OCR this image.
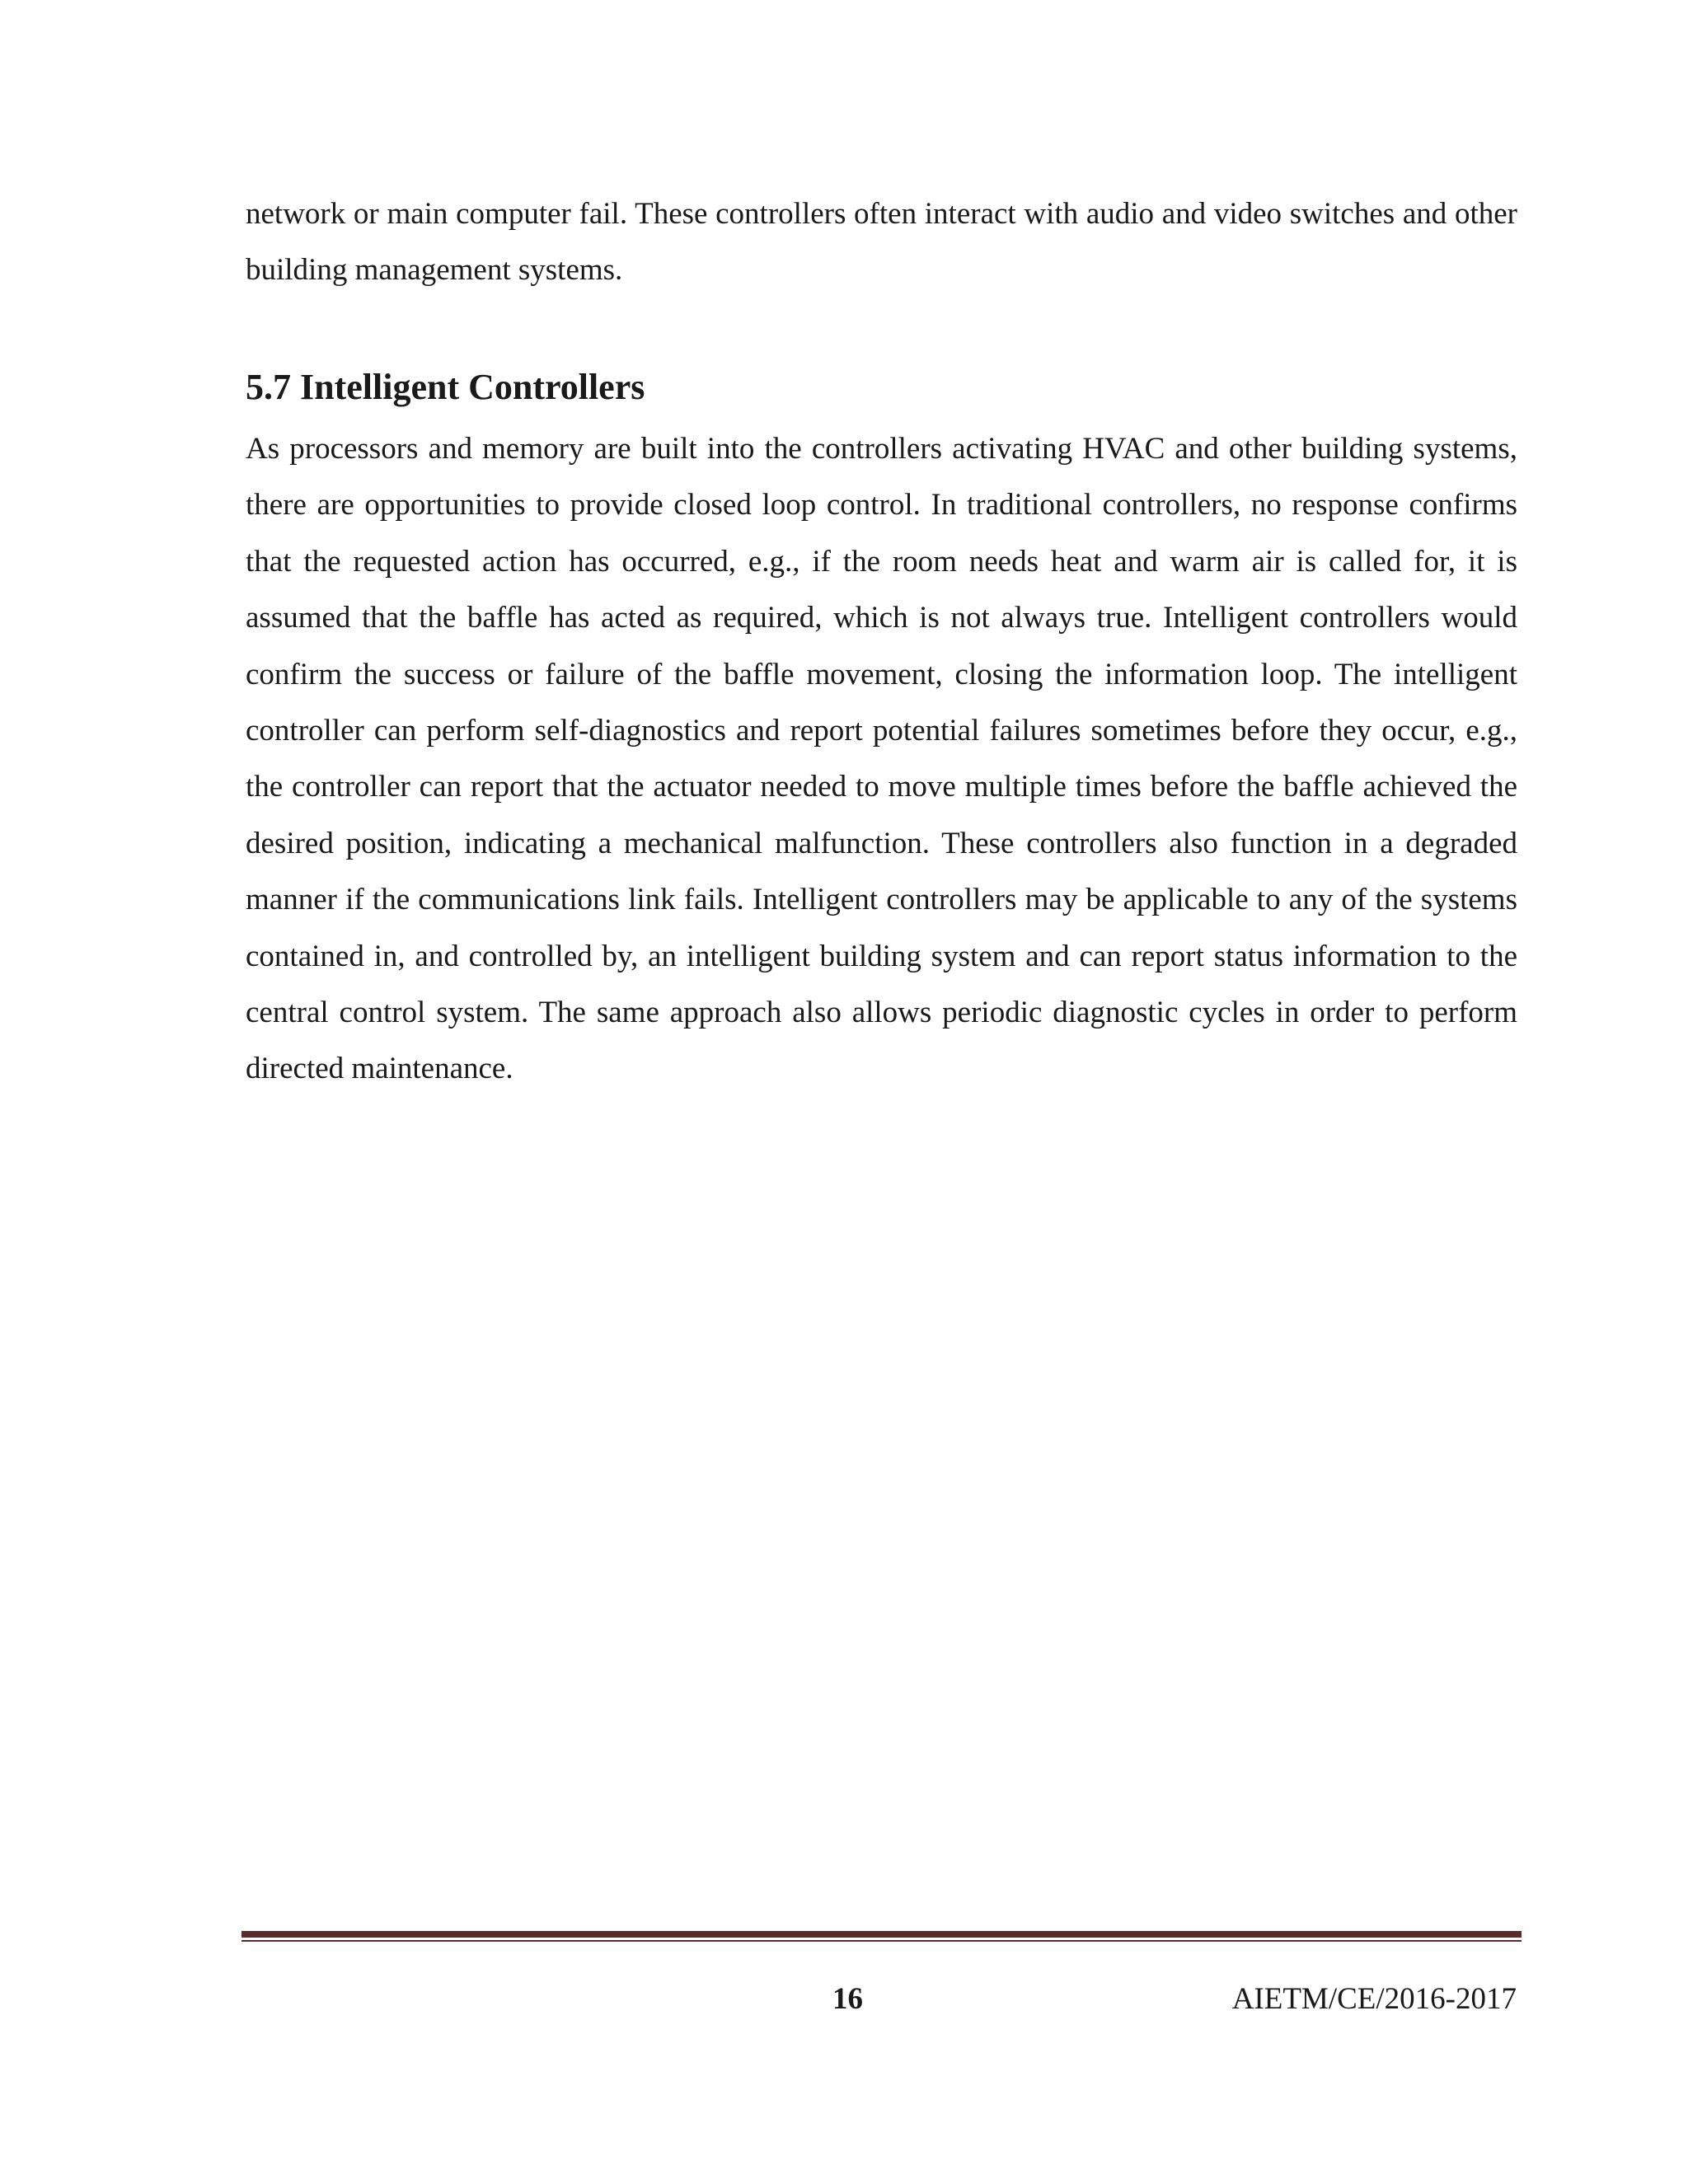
network or main computer fail. These controllers often interact with audio and video switches and other building management systems.

5.7 Intelligent Controllers

As processors and memory are built into the controllers activating HVAC and other building systems, there are opportunities to provide closed loop control. In traditional controllers, no response confirms that the requested action has occurred, e.g., if the room needs heat and warm air is called for, it is assumed that the baffle has acted as required, which is not always true. Intelligent controllers would confirm the success or failure of the baffle movement, closing the information loop. The intelligent controller can perform self-diagnostics and report potential failures sometimes before they occur, e.g., the controller can report that the actuator needed to move multiple times before the baffle achieved the desired position, indicating a mechanical malfunction. These controllers also function in a degraded manner if the communications link fails. Intelligent controllers may be applicable to any of the systems contained in, and controlled by, an intelligent building system and can report status information to the central control system. The same approach also allows periodic diagnostic cycles in order to perform directed maintenance.

16	AIETM/CE/2016-2017
